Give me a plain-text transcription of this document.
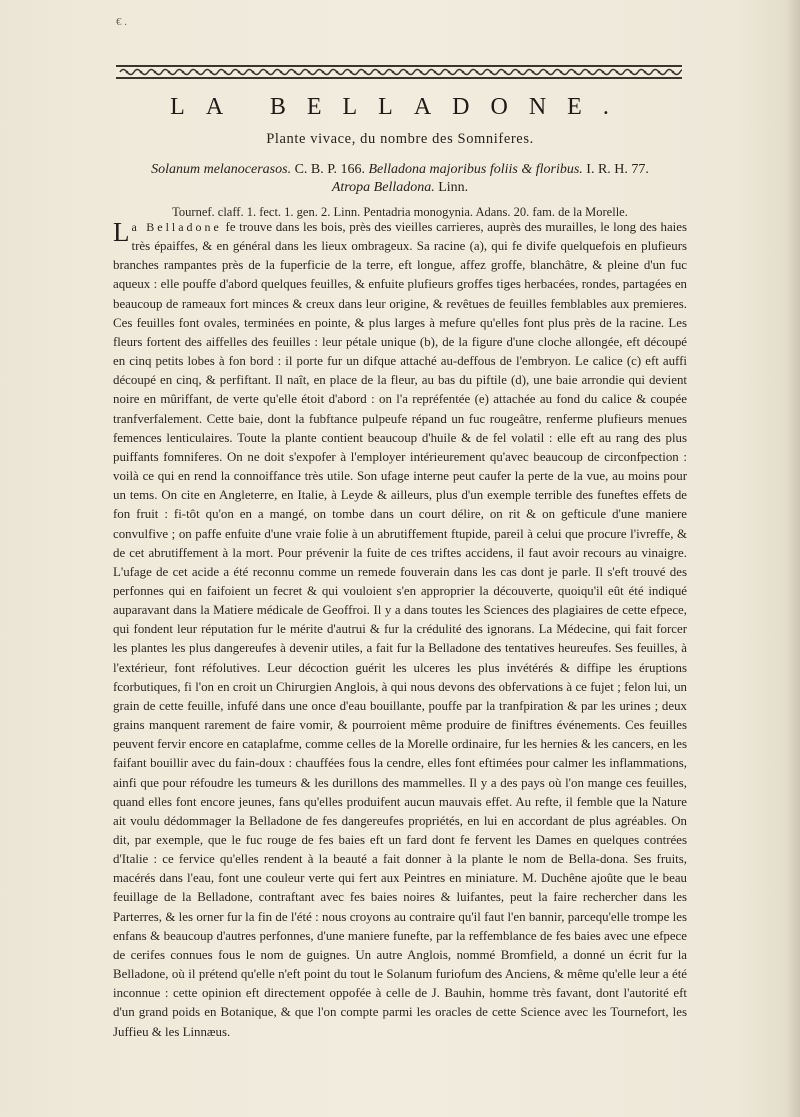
€ .
LA BELLADONE.
Plante vivace, du nombre des Somniferes.
Solanum melanocerasos. C. B. P. 166. Belladona majoribus foliis & floribus. I. R. H. 77.
Atropa Belladona. Linn.
Tournef. claff. 1. fect. 1. gen. 2. Linn. Pentadria monogynia. Adans. 20. fam. de la Morelle.
La Belladone fe trouve dans les bois, près des vieilles carrieres, auprès des murailles, le long des haies très épaiffes, & en général dans les lieux ombrageux. Sa racine (a), qui fe divife quelquefois en plufieurs branches rampantes près de la fuperficie de la terre, eft longue, affez groffe, blanchâtre, & pleine d'un fuc aqueux : elle pouffe d'abord quelques feuilles, & enfuite plufieurs groffes tiges herbacées, rondes, partagées en beaucoup de rameaux fort minces & creux dans leur origine, & revêtues de feuilles femblables aux premieres. Ces feuilles font ovales, terminées en pointe, & plus larges à mefure qu'elles font plus près de la racine. Les fleurs fortent des aiffelles des feuilles : leur pétale unique (b), de la figure d'une cloche allongée, eft découpé en cinq petits lobes à fon bord : il porte fur un difque attaché au-deffous de l'embryon. Le calice (c) eft auffi découpé en cinq, & perfiftant. Il naît, en place de la fleur, au bas du piftile (d), une baie arrondie qui devient noire en mûriffant, de verte qu'elle étoit d'abord : on l'a repréfentée (e) attachée au fond du calice & coupée tranfverfalement. Cette baie, dont la fubftance pulpeufe répand un fuc rougeâtre, renferme plufieurs menues femences lenticulaires. Toute la plante contient beaucoup d'huile & de fel volatil : elle eft au rang des plus puiffants fomniferes. On ne doit s'expofer à l'employer intérieurement qu'avec beaucoup de circonfpection : voilà ce qui en rend la connoiffance très utile. Son ufage interne peut caufer la perte de la vue, au moins pour un tems. On cite en Angleterre, en Italie, à Leyde & ailleurs, plus d'un exemple terrible des funeftes effets de fon fruit : fi-tôt qu'on en a mangé, on tombe dans un court délire, on rit & on gefticule d'une maniere convulfive ; on paffe enfuite d'une vraie folie à un abrutiffement ftupide, pareil à celui que procure l'ivreffe, & de cet abrutiffement à la mort. Pour prévenir la fuite de ces triftes accidens, il faut avoir recours au vinaigre. L'ufage de cet acide a été reconnu comme un remede fouverain dans les cas dont je parle. Il s'eft trouvé des perfonnes qui en faifoient un fecret & qui vouloient s'en approprier la découverte, quoiqu'il eût été indiqué auparavant dans la Matiere médicale de Geoffroi. Il y a dans toutes les Sciences des plagiaires de cette efpece, qui fondent leur réputation fur le mérite d'autrui & fur la crédulité des ignorans. La Médecine, qui fait forcer les plantes les plus dangereufes à devenir utiles, a fait fur la Belladone des tentatives heureufes. Ses feuilles, à l'extérieur, font réfolutives. Leur décoction guérit les ulceres les plus invétérés & diffipe les éruptions fcorbutiques, fi l'on en croit un Chirurgien Anglois, à qui nous devons des obfervations à ce fujet ; felon lui, un grain de cette feuille, infufé dans une once d'eau bouillante, pouffe par la tranfpiration & par les urines ; deux grains manquent rarement de faire vomir, & pourroient même produire de finiftres événements. Ces feuilles peuvent fervir encore en cataplafme, comme celles de la Morelle ordinaire, fur les hernies & les cancers, en les faifant bouillir avec du fain-doux : chauffées fous la cendre, elles font eftimées pour calmer les inflammations, ainfi que pour réfoudre les tumeurs & les durillons des mammelles. Il y a des pays où l'on mange ces feuilles, quand elles font encore jeunes, fans qu'elles produifent aucun mauvais effet. Au refte, il femble que la Nature ait voulu dédommager la Belladone de fes dangereufes propriétés, en lui en accordant de plus agréables. On dit, par exemple, que le fuc rouge de fes baies eft un fard dont fe fervent les Dames en quelques contrées d'Italie : ce fervice qu'elles rendent à la beauté a fait donner à la plante le nom de Bella-dona. Ses fruits, macérés dans l'eau, font une couleur verte qui fert aux Peintres en miniature. M. Duchêne ajoûte que le beau feuillage de la Belladone, contraftant avec fes baies noires & luifantes, peut la faire rechercher dans les Parterres, & les orner fur la fin de l'été : nous croyons au contraire qu'il faut l'en bannir, parcequ'elle trompe les enfans & beaucoup d'autres perfonnes, d'une maniere funefte, par la reffemblance de fes baies avec une efpece de cerifes connues fous le nom de guignes. Un autre Anglois, nommé Bromfield, a donné un écrit fur la Belladone, où il prétend qu'elle n'eft point du tout le Solanum furiofum des Anciens, & même qu'elle leur a été inconnue : cette opinion eft directement oppofée à celle de J. Bauhin, homme très favant, dont l'autorité eft d'un grand poids en Botanique, & que l'on compte parmi les oracles de cette Science avec les Tournefort, les Juffieu & les Linnæus.
